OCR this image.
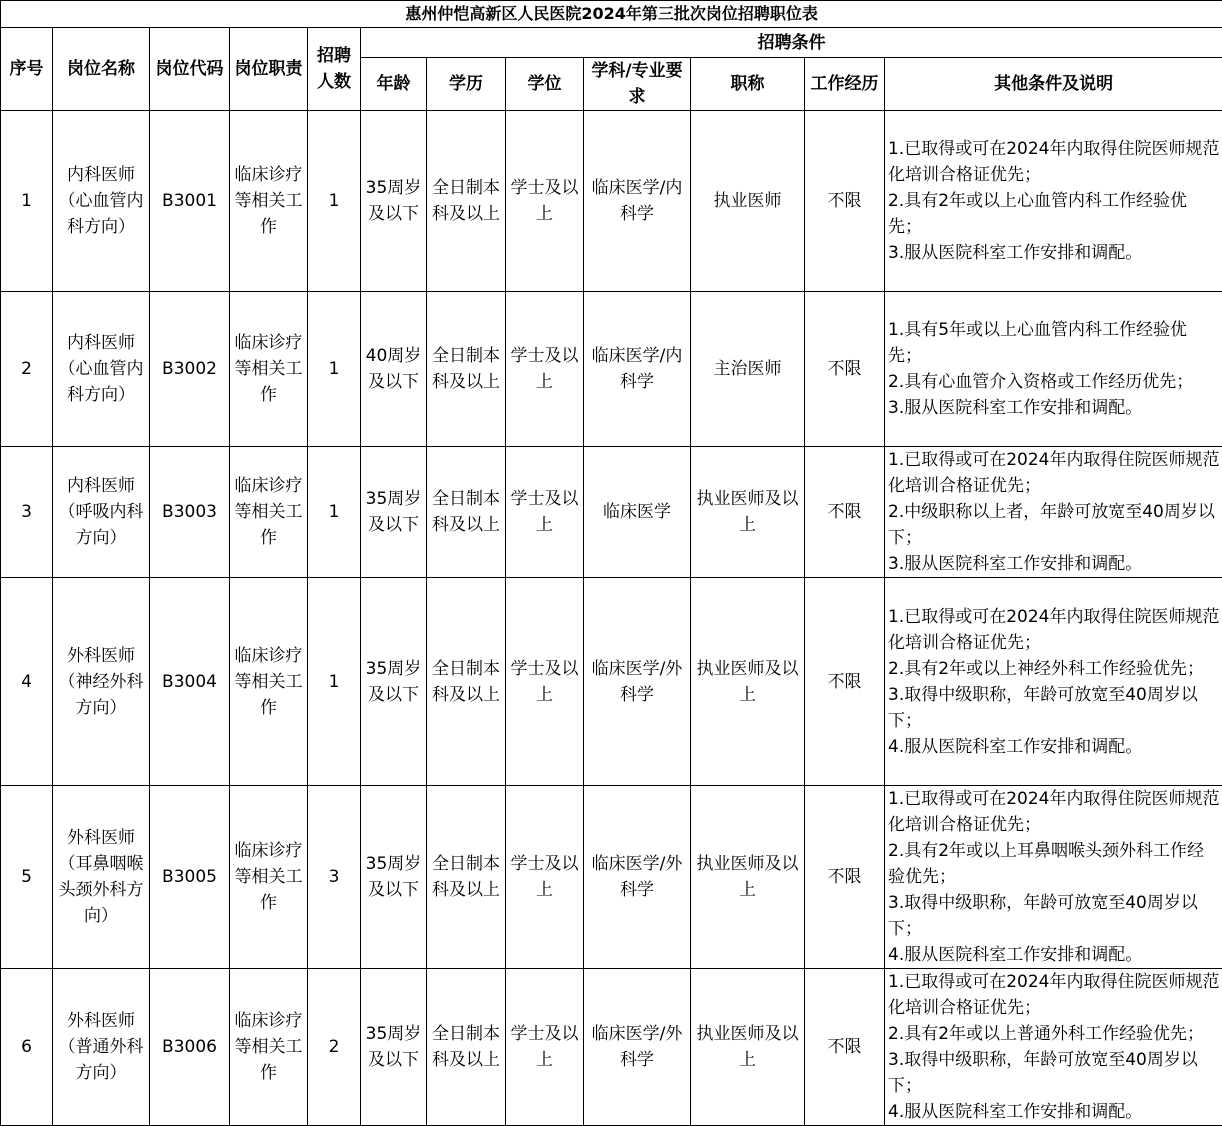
惠州仲恺高新区人民医院2024年第三批次岗位招聘职位表											
序号	岗位名称	岗位代码	岗位职责	招聘人数	招聘条件						
					年龄	学历	学位	学科/专业要求	职称	工作经历	其他条件及说明
1	内科医师（心血管内科方向）	B3001	临床诊疗等相关工作	1	35周岁及以下	全日制本科及以上	学士及以上	临床医学/内科学	执业医师	不限	1.已取得或可在2024年内取得住院医师规范化培训合格证优先；
2.具有2年或以上心血管内科工作经验优先；
3.服从医院科室工作安排和调配。

2	内科医师（心血管内科方向）	B3002	临床诊疗等相关工作	1	40周岁及以下	全日制本科及以上	学士及以上	临床医学/内科学	主治医师	不限	1.具有5年或以上心血管内科工作经验优先；
2.具有心血管介入资格或工作经历优先；
3.服从医院科室工作安排和调配。

3	内科医师（呼吸内科方向）	B3003	临床诊疗等相关工作	1	35周岁及以下	全日制本科及以上	学士及以上	临床医学	执业医师及以上	不限	1.已取得或可在2024年内取得住院医师规范化培训合格证优先；
2.中级职称以上者，年龄可放宽至40周岁以下；
3.服从医院科室工作安排和调配。

4	外科医师（神经外科方向）	B3004	临床诊疗等相关工作	1	35周岁及以下	全日制本科及以上	学士及以上	临床医学/外科学	执业医师及以上	不限	1.已取得或可在2024年内取得住院医师规范化培训合格证优先；
2.具有2年或以上神经外科工作经验优先；
3.取得中级职称，年龄可放宽至40周岁以下；
4.服从医院科室工作安排和调配。

5	外科医师（耳鼻咽喉头颈外科方向）	B3005	临床诊疗等相关工作	3	35周岁及以下	全日制本科及以上	学士及以上	临床医学/外科学	执业医师及以上	不限	1.已取得或可在2024年内取得住院医师规范化培训合格证优先；
2.具有2年或以上耳鼻咽喉头颈外科工作经验优先；
3.取得中级职称，年龄可放宽至40周岁以下；
4.服从医院科室工作安排和调配。

6	外科医师（普通外科方向）	B3006	临床诊疗等相关工作	2	35周岁及以下	全日制本科及以上	学士及以上	临床医学/外科学	执业医师及以上	不限	1.已取得或可在2024年内取得住院医师规范化培训合格证优先；
2.具有2年或以上普通外科工作经验优先；
3.取得中级职称，年龄可放宽至40周岁以下；
4.服从医院科室工作安排和调配。
